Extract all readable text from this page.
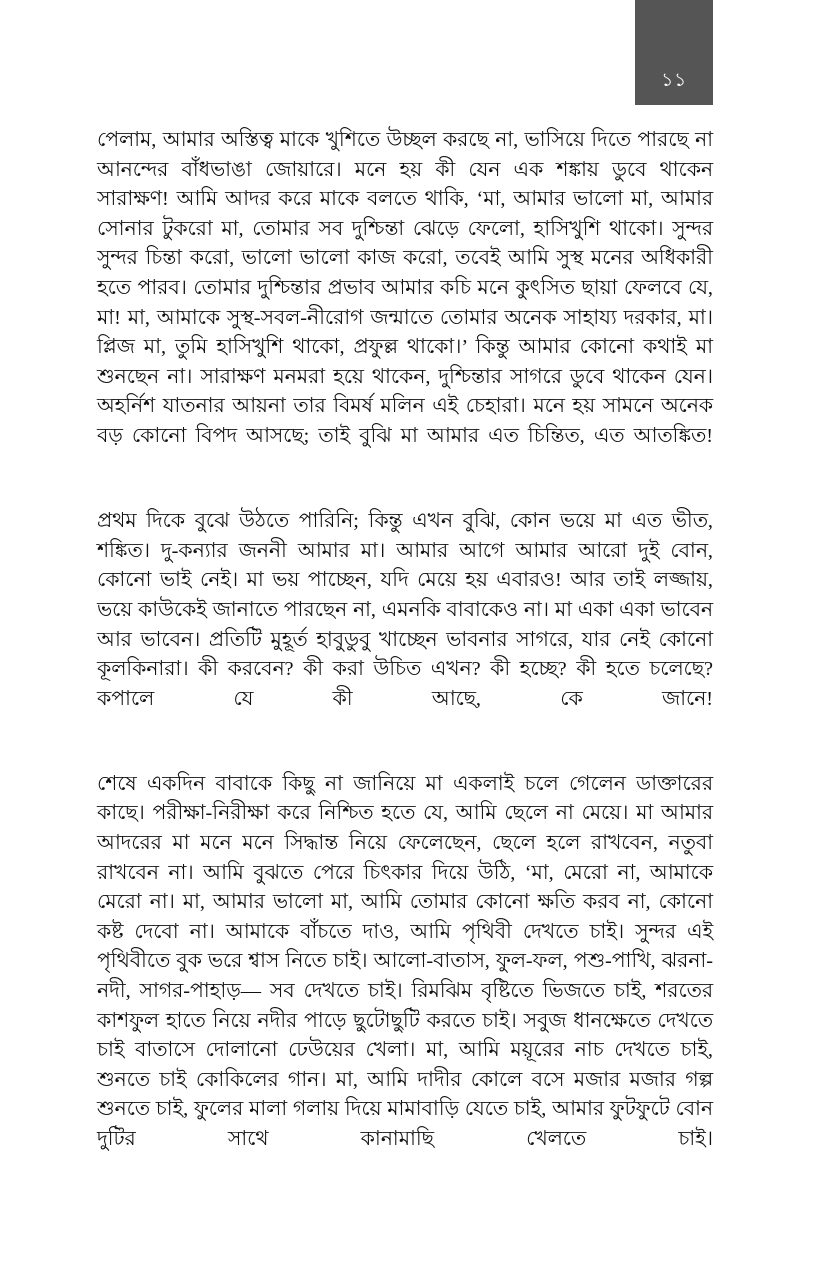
১১

পেলাম, আমার অস্তিত্ব মাকে খুশিতে উচ্ছল করছে না, ভাসিয়ে দিতে পারছে না আনন্দের বাঁধভাঙা জোয়ারে। মনে হয় কী যেন এক শঙ্কায় ডুবে থাকেন সারাক্ষণ! আমি আদর করে মাকে বলতে থাকি, ‘মা, আমার ভালো মা, আমার সোনার টুকরো মা, তোমার সব দুশ্চিন্তা ঝেড়ে ফেলো, হাসিখুশি থাকো। সুন্দর সুন্দর চিন্তা করো, ভালো ভালো কাজ করো, তবেই আমি সুস্থ মনের অধিকারী হতে পারব। তোমার দুশ্চিন্তার প্রভাব আমার কচি মনে কুৎসিত ছায়া ফেলবে যে, মা! মা, আমাকে সুস্থ-সবল-নীরোগ জন্মাতে তোমার অনেক সাহায্য দরকার, মা। প্লিজ মা, তুমি হাসিখুশি থাকো, প্রফুল্ল থাকো।’ কিন্তু আমার কোনো কথাই মা শুনছেন না। সারাক্ষণ মনমরা হয়ে থাকেন, দুশ্চিন্তার সাগরে ডুবে থাকেন যেন। অহর্নিশ যাতনার আয়না তার বিমর্ষ মলিন এই চেহারা। মনে হয় সামনে অনেক বড় কোনো বিপদ আসছে; তাই বুঝি মা আমার এত চিন্তিত, এত আতঙ্কিত!

প্রথম দিকে বুঝে উঠতে পারিনি; কিন্তু এখন বুঝি, কোন ভয়ে মা এত ভীত, শঙ্কিত। দু-কন্যার জননী আমার মা। আমার আগে আমার আরো দুই বোন, কোনো ভাই নেই। মা ভয় পাচ্ছেন, যদি মেয়ে হয় এবারও! আর তাই লজ্জায়, ভয়ে কাউকেই জানাতে পারছেন না, এমনকি বাবাকেও না। মা একা একা ভাবেন আর ভাবেন। প্রতিটি মুহূর্ত হাবুডুবু খাচ্ছেন ভাবনার সাগরে, যার নেই কোনো কূলকিনারা। কী করবেন? কী করা উচিত এখন? কী হচ্ছে? কী হতে চলেছে? কপালে যে কী আছে, কে জানে!

শেষে একদিন বাবাকে কিছু না জানিয়ে মা একলাই চলে গেলেন ডাক্তারের কাছে। পরীক্ষা-নিরীক্ষা করে নিশ্চিত হতে যে, আমি ছেলে না মেয়ে। মা আমার আদরের মা মনে মনে সিদ্ধান্ত নিয়ে ফেলেছেন, ছেলে হলে রাখবেন, নতুবা রাখবেন না। আমি বুঝতে পেরে চিৎকার দিয়ে উঠি, ‘মা, মেরো না, আমাকে মেরো না। মা, আমার ভালো মা, আমি তোমার কোনো ক্ষতি করব না, কোনো কষ্ট দেবো না। আমাকে বাঁচতে দাও, আমি পৃথিবী দেখতে চাই। সুন্দর এই পৃথিবীতে বুক ভরে শ্বাস নিতে চাই। আলো-বাতাস, ফুল-ফল, পশু-পাখি, ঝরনা-নদী, সাগর-পাহাড়— সব দেখতে চাই। রিমঝিম বৃষ্টিতে ভিজতে চাই, শরতের কাশফুল হাতে নিয়ে নদীর পাড়ে ছুটোছুটি করতে চাই। সবুজ ধানক্ষেতে দেখতে চাই বাতাসে দোলানো ঢেউয়ের খেলা। মা, আমি ময়ূরের নাচ দেখতে চাই, শুনতে চাই কোকিলের গান। মা, আমি দাদীর কোলে বসে মজার মজার গল্প শুনতে চাই, ফুলের মালা গলায় দিয়ে মামাবাড়ি যেতে চাই, আমার ফুটফুটে বোন দুটির সাথে কানামাছি খেলতে চাই।
